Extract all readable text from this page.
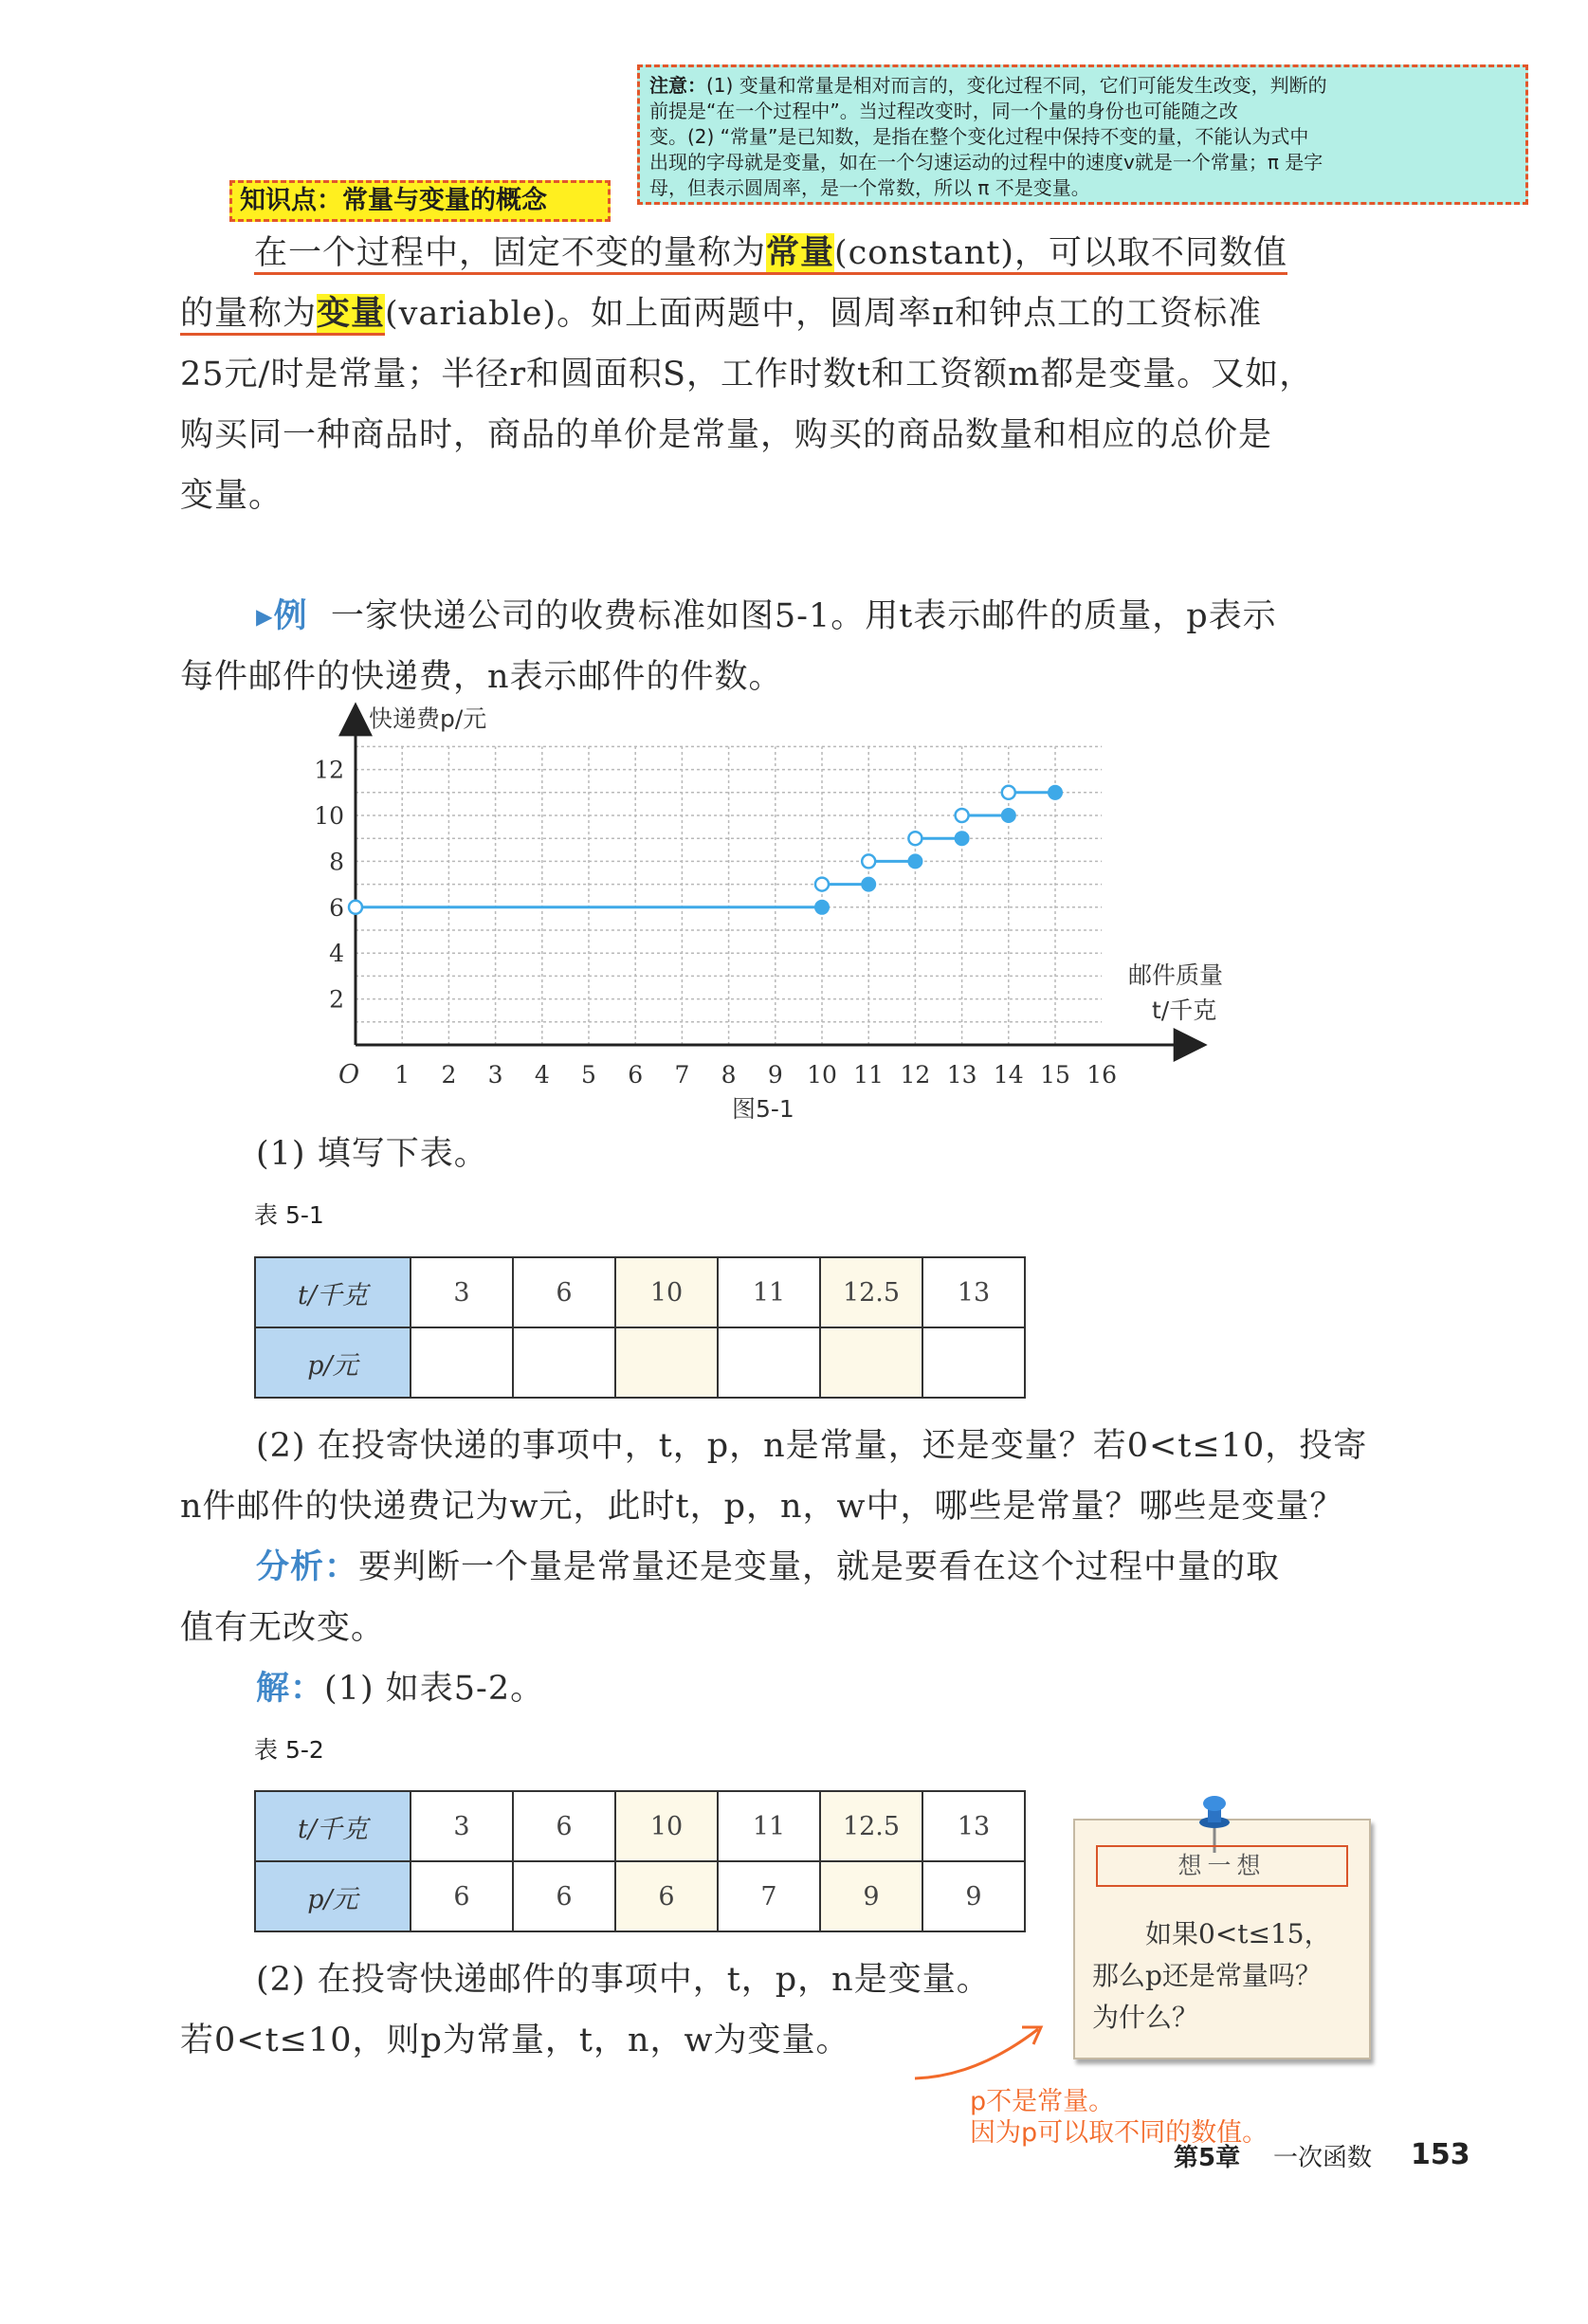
注意：(1) 变量和常量是相对而言的，变化过程不同，它们可能发生改变，判断的
前提是“在一个过程中”。当过程改变时，同一个量的身份也可能随之改
变。(2) “常量”是已知数，是指在整个变化过程中保持不变的量，不能认为式中
出现的字母就是变量，如在一个匀速运动的过程中的速度v就是一个常量；π 是字
母，但表示圆周率，是一个常数，所以 π 不是变量。
知识点：常量与变量的概念
在一个过程中，固定不变的量称为常量(constant)，可以取不同数值
的量称为变量(variable)。如上面两题中，圆周率π和钟点工的工资标准
25元/时是常量；半径r和圆面积S，工作时数t和工资额m都是变量。又如，
购买同一种商品时，商品的单价是常量，购买的商品数量和相应的总价是
变量。
▸例 一家快递公司的收费标准如图5-1。用t表示邮件的质量，p表示
每件邮件的快递费，n表示邮件的件数。
1 2 3 4 5 6 7 8 9 10 11 12 13 14 15 16
2
4
6
8
10
12
快递费p/元
邮件质量
t/千克
O
图5-1
(1) 填写下表。
表 5-1
t/千克	3	6	10	11	12.5	13
p/元						
(2) 在投寄快递的事项中，t，p，n是常量，还是变量？若0<t≤10，投寄
n件邮件的快递费记为w元，此时t，p，n，w中，哪些是常量？哪些是变量？
分析：要判断一个量是常量还是变量，就是要看在这个过程中量的取
值有无改变。
解：(1) 如表5-2。
表 5-2
t/千克	3	6	10	11	12.5	13
p/元	6	6	6	7	9	9
(2) 在投寄快递邮件的事项中，t，p，n是变量。
若0<t≤10，则p为常量，t，n，w为变量。
想一想
如果0<t≤15，
那么p还是常量吗？
为什么？
p不是常量。
因为p可以取不同的数值。
第5章 一次函数 153
